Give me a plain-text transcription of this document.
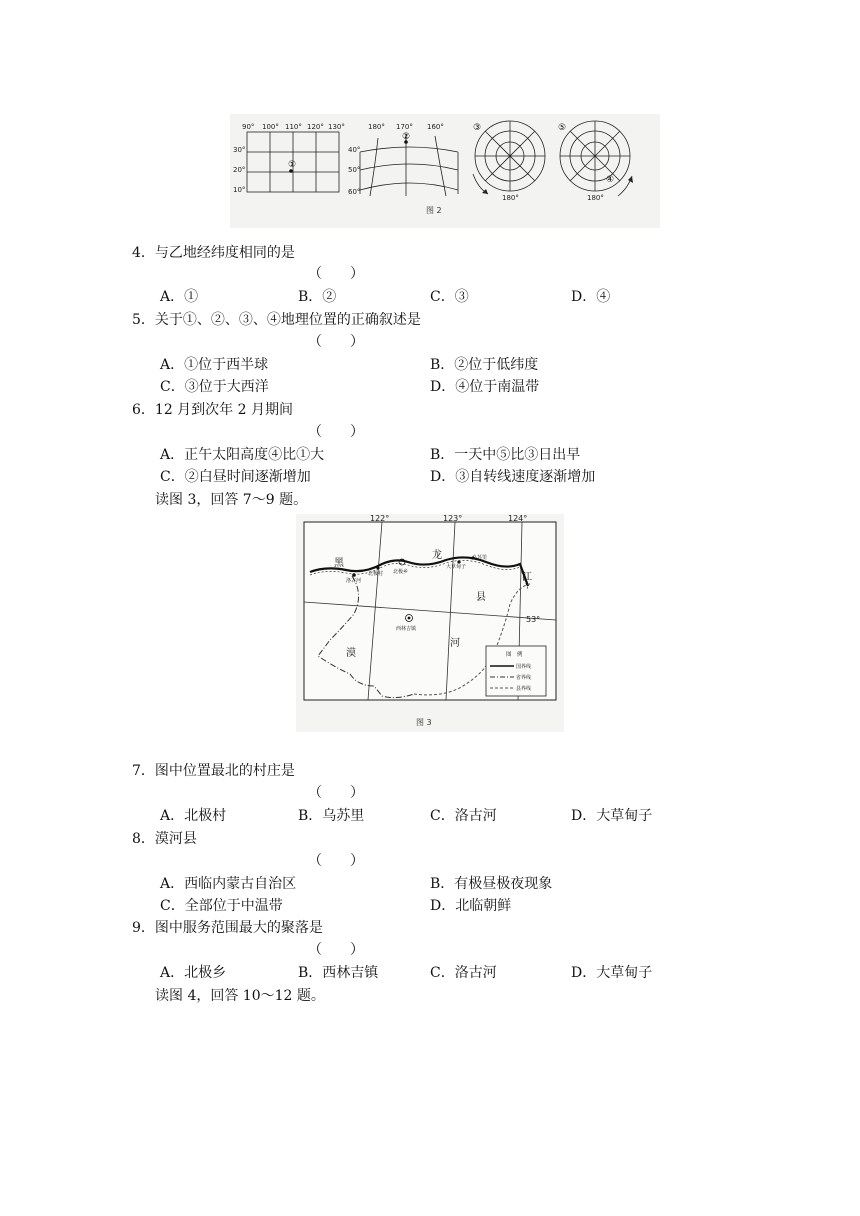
90° 100° 110° 120° 130°
30°
20°
10°
①
180° 170° 160°
40°
50°
60°
②
③
180°
⑤
④
180°
图 2
4．与乙地经纬度相同的是
（　　）
A．①	B．②	C．③	D．④
5．关于①、②、③、④地理位置的正确叙述是
（　　）
A．①位于西半球	B．②位于低纬度
C．③位于大西洋	D．④位于南温带
6．12 月到次年 2 月期间
（　　）
A．正午太阳高度④比①大	B．一天中⑤比③日出早
C．②白昼时间逐渐增加	D．③自转线速度逐渐增加
读图 3，回答 7～9 题。
122°	123°	124°
53°
黑
龙
江
漠
河
县
洛古河
北极村 北极乡
大草甸子
乌苏里
西林吉镇
图　例
国界线
省界线
县界线
图 3
7．图中位置最北的村庄是
（　　）
A．北极村	B．乌苏里	C．洛古河	D．大草甸子
8．漠河县
（　　）
A．西临内蒙古自治区	B．有极昼极夜现象
C．全部位于中温带	D．北临朝鲜
9．图中服务范围最大的聚落是
（　　）
A．北极乡	B．西林吉镇	C．洛古河	D．大草甸子
读图 4，回答 10～12 题。
